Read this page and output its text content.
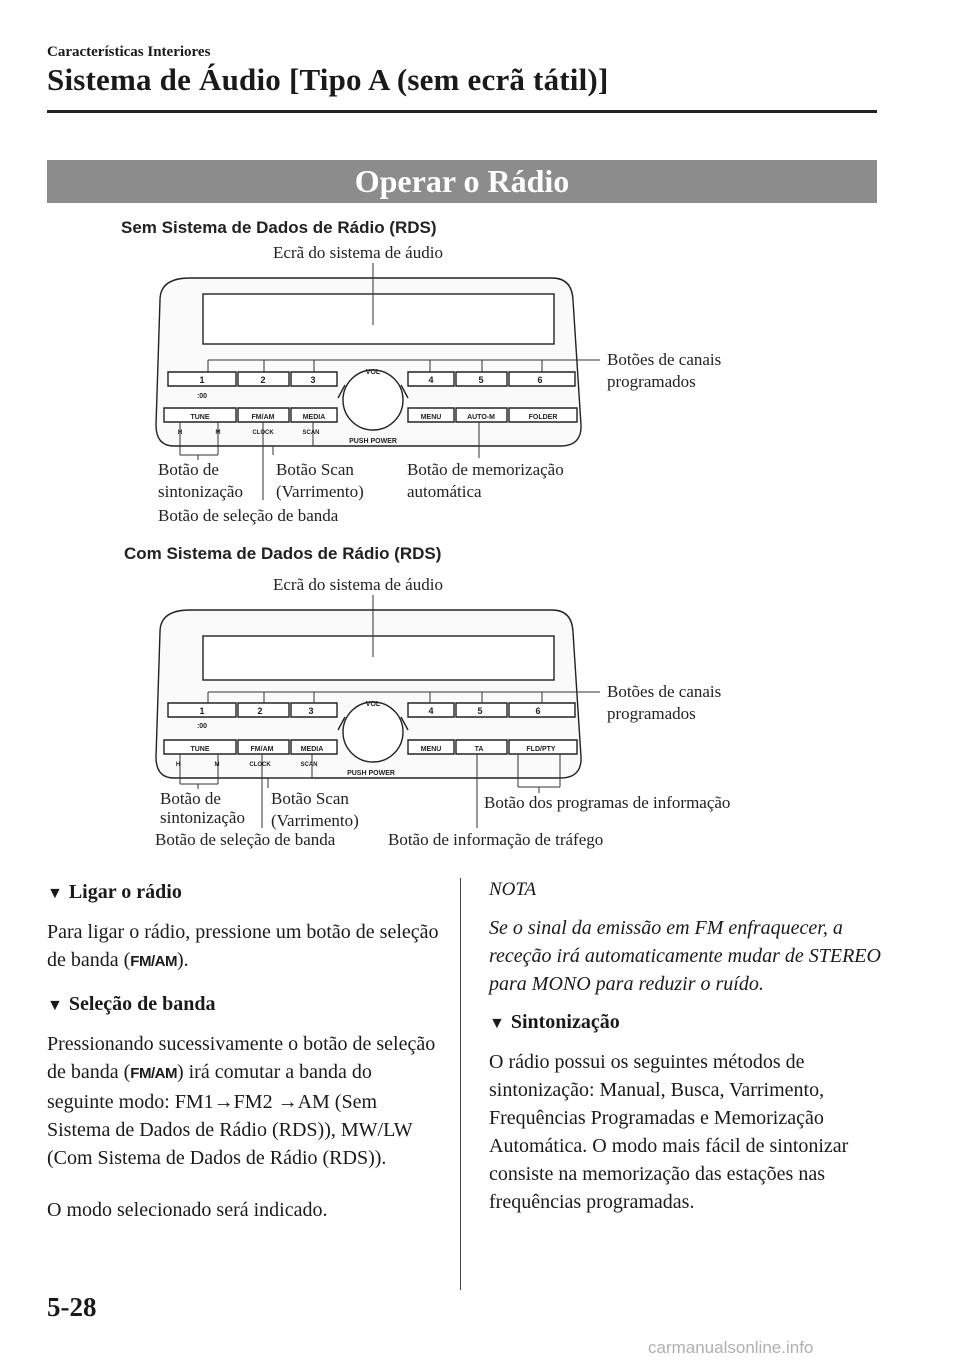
Características Interiores
Sistema de Áudio [Tipo A (sem ecrã tátil)]
Operar o Rádio
Sem Sistema de Dados de Rádio (RDS)
Ecrã do sistema de áudio
Botões de canais
programados
Botão de
sintonização
Botão Scan
(Varrimento)
Botão de memorização
automática
Botão de seleção de banda
1	2	3	4	5	6
:00
VOL
PUSH POWER
TUNE	FM/AM	MEDIA	MENU	AUTO-M	FOLDER
H	M	CLOCK	SCAN
Com Sistema de Dados de Rádio (RDS)
Ecrã do sistema de áudio
Botões de canais
programados
Botão de
sintonização
Botão Scan
(Varrimento)
Botão dos programas de informação
Botão de seleção de banda	Botão de informação de tráfego
1	2	3	4	5	6
:00
VOL
PUSH POWER
TUNE	FM/AM	MEDIA	MENU	TA	FLD/PTY
H	M	CLOCK	SCAN

▼ Ligar o rádio

Para ligar o rádio, pressione um botão de seleção de banda (FM/AM).

▼ Seleção de banda

Pressionando sucessivamente o botão de seleção de banda (FM/AM) irá comutar a banda do seguinte modo: FM1→FM2 →AM (Sem Sistema de Dados de Rádio (RDS)), MW/LW (Com Sistema de Dados de Rádio (RDS)).

O modo selecionado será indicado.

NOTA

Se o sinal da emissão em FM enfraquecer, a receção irá automaticamente mudar de STEREO para MONO para reduzir o ruído.

▼ Sintonização

O rádio possui os seguintes métodos de sintonização: Manual, Busca, Varrimento, Frequências Programadas e Memorização Automática. O modo mais fácil de sintonizar consiste na memorização das estações nas frequências programadas.

5-28
carmanualsonline.info
